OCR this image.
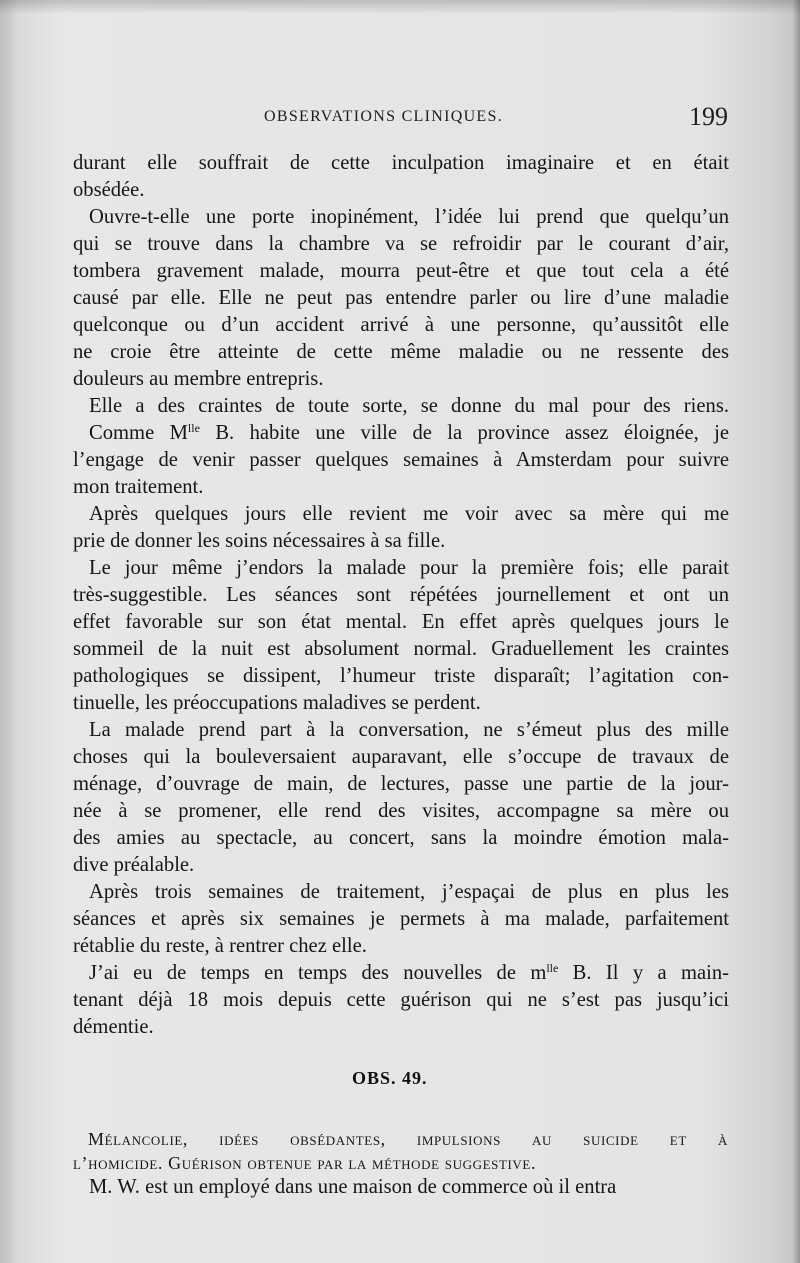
OBSERVATIONS CLINIQUES.	199
durant elle souffrait de cette inculpation imaginaire et en était
obsédée.
Ouvre-t-elle une porte inopinément, l’idée lui prend que quelqu’un
qui se trouve dans la chambre va se refroidir par le courant d’air,
tombera gravement malade, mourra peut-être et que tout cela a été
causé par elle. Elle ne peut pas entendre parler ou lire d’une maladie
quelconque ou d’un accident arrivé à une personne, qu’aussitôt elle
ne croie être atteinte de cette même maladie ou ne ressente des
douleurs au membre entrepris.
Elle a des craintes de toute sorte, se donne du mal pour des riens.
Comme $M^{lle}$ B. habite une ville de la province assez éloignée, je
l’engage de venir passer quelques semaines à Amsterdam pour suivre
mon traitement.
Après quelques jours elle revient me voir avec sa mère qui me
prie de donner les soins nécessaires à sa fille.
Le jour même j’endors la malade pour la première fois; elle parait
très-suggestible. Les séances sont répétées journellement et ont un
effet favorable sur son état mental. En effet après quelques jours le
sommeil de la nuit est absolument normal. Graduellement les craintes
pathologiques se dissipent, l’humeur triste disparaît; l’agitation con-
tinuelle, les préoccupations maladives se perdent.
La malade prend part à la conversation, ne s’émeut plus des mille
choses qui la bouleversaient auparavant, elle s’occupe de travaux de
ménage, d’ouvrage de main, de lectures, passe une partie de la jour-
née à se promener, elle rend des visites, accompagne sa mère ou
des amies au spectacle, au concert, sans la moindre émotion mala-
dive préalable.
Après trois semaines de traitement, j’espaçai de plus en plus les
séances et après six semaines je permets à ma malade, parfaitement
rétablie du reste, à rentrer chez elle.
J’ai eu de temps en temps des nouvelles de $m^{lle}$ B. Il y a main-
tenant déjà 18 mois depuis cette guérison qui ne s’est pas jusqu’ici
démentie.
OBS. 49.
Mélancolie, idées obsédantes, impulsions au suicide et à
l’homicide. Guérison obtenue par la méthode suggestive.
M. W. est un employé dans une maison de commerce où il entra
